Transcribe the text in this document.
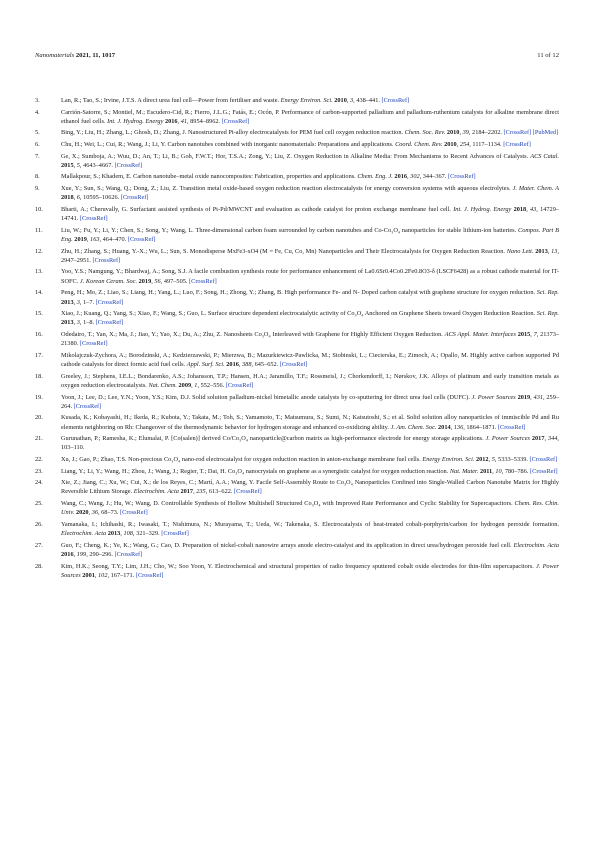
Nanomaterials 2021, 11, 1017	11 of 12
3.	Lan, R.; Tao, S.; Irvine, J.T.S. A direct urea fuel cell—Power from fertiliser and waste. Energy Environ. Sci. 2010, 3, 438–441. [CrossRef]
4.	Carrión-Satorre, S.; Montiel, M.; Escudero-Cid, R.; Fierro, J.L.G.; Fatás, E.; Ocón, P. Performance of carbon-supported palladium and palladium-ruthenium catalysts for alkaline membrane direct ethanol fuel cells. Int. J. Hydrog. Energy 2016, 41, 8954–8962. [CrossRef]
5.	Bing, Y.; Liu, H.; Zhang, L.; Ghosh, D.; Zhang, J. Nanostructured Pt-alloy electrocatalysts for PEM fuel cell oxygen reduction reaction. Chem. Soc. Rev. 2010, 39, 2184–2202. [CrossRef] [PubMed]
6.	Chu, H.; Wei, L.; Cui, R.; Wang, J.; Li, Y. Carbon nanotubes combined with inorganic nanomaterials: Preparations and applications. Coord. Chem. Rev. 2010, 254, 1117–1134. [CrossRef]
7.	Ge, X.; Sumboja, A.; Wuu, D.; An, T.; Li, B.; Goh, F.W.T.; Hor, T.S.A.; Zong, Y.; Liu, Z. Oxygen Reduction in Alkaline Media: From Mechanisms to Recent Advances of Catalysts. ACS Catal. 2015, 5, 4643–4667. [CrossRef]
8.	Mallakpour, S.; Khadem, E. Carbon nanotube–metal oxide nanocomposites: Fabrication, properties and applications. Chem. Eng. J. 2016, 302, 344–367. [CrossRef]
9.	Xue, Y.; Sun, S.; Wang, Q.; Dong, Z.; Liu, Z. Transition metal oxide-based oxygen reduction reaction electrocatalysts for energy conversion systems with aqueous electrolytes. J. Mater. Chem. A 2018, 6, 10595–10626. [CrossRef]
10.	Bharti, A.; Cheruvally, G. Surfactant assisted synthesis of Pt-Pd/MWCNT and evaluation as cathode catalyst for proton exchange membrane fuel cell. Int. J. Hydrog. Energy 2018, 43, 14729–14741. [CrossRef]
11.	Liu, W.; Fu, Y.; Li, Y.; Chen, S.; Song, Y.; Wang, L. Three-dimensional carbon foam surrounded by carbon nanotubes and Co-Co₃O₄ nanoparticles for stable lithium-ion batteries. Compos. Part B Eng. 2019, 163, 464–470. [CrossRef]
12.	Zhu, H.; Zhang, S.; Huang, Y.-X.; Wu, L.; Sun, S. Monodisperse MxFe3-xO4 (M = Fe, Cu, Co, Mn) Nanoparticles and Their Electrocatalysis for Oxygen Reduction Reaction. Nano Lett. 2013, 13, 2947–2951. [CrossRef]
13.	Yoo, Y.S.; Namgung, Y.; Bhardwaj, A.; Song, S.J. A facile combustion synthesis route for performance enhancement of La0.6Sr0.4Co0.2Fe0.8O3-δ (LSCF6428) as a robust cathode material for IT-SOFC. J. Korean Ceram. Soc. 2019, 56, 497–505. [CrossRef]
14.	Peng, H.; Mo, Z.; Liao, S.; Liang, H.; Yang, L.; Luo, F.; Song, H.; Zhong, Y.; Zhang, B. High performance Fe- and N- Doped carbon catalyst with graphene structure for oxygen reduction. Sci. Rep. 2013, 3, 1–7. [CrossRef]
15.	Xiao, J.; Kuang, Q.; Yang, S.; Xiao, F.; Wang, S.; Guo, L. Surface structure dependent electrocatalytic activity of Co₃O₄ Anchored on Graphene Sheets toward Oxygen Reduction Reaction. Sci. Rep. 2013, 3, 1–8. [CrossRef]
16.	Odedairo, T.; Yan, X.; Ma, J.; Jiao, Y.; Yao, X.; Du, A.; Zhu, Z. Nanosheets Co₃O₄ Interleaved with Graphene for Highly Efficient Oxygen Reduction. ACS Appl. Mater. Interfaces 2015, 7, 21373–21380. [CrossRef]
17.	Mikolajczuk-Zychora, A.; Borodzinski, A.; Kedzierzawski, P.; Mierzwa, B.; Mazurkiewicz-Pawlicka, M.; Stobinski, L.; Ciecierska, E.; Zimoch, A.; Opallo, M. Highly active carbon supported Pd cathode catalysts for direct formic acid fuel cells. Appl. Surf. Sci. 2016, 388, 645–652. [CrossRef]
18.	Greeley, J.; Stephens, I.E.L.; Bondarenko, A.S.; Johansson, T.P.; Hansen, H.A.; Jaramillo, T.F.; Rossmeisl, J.; Chorkendorff, I.; Nørskov, J.K. Alloys of platinum and early transition metals as oxygen reduction electrocatalysts. Nat. Chem. 2009, 1, 552–556. [CrossRef]
19.	Yoon, J.; Lee, D.; Lee, Y.N.; Yoon, Y.S.; Kim, D.J. Solid solution palladium-nickel bimetallic anode catalysts by co-sputtering for direct urea fuel cells (DUFC). J. Power Sources 2019, 431, 259–264. [CrossRef]
20.	Kusada, K.; Kobayashi, H.; Ikeda, R.; Kubota, Y.; Takata, M.; Toh, S.; Yamamoto, T.; Matsumura, S.; Sumi, N.; Katsutoshi, S.; et al. Solid solution alloy nanoparticles of immiscible Pd and Ru elements neighboring on Rh: Changeover of the thermodynamic behavior for hydrogen storage and enhanced co-oxidizing ability. J. Am. Chem. Soc. 2014, 136, 1864–1871. [CrossRef]
21.	Gurunathan, P.; Ramesha, K.; Elumalai, P. [Co(salen)] derived Co/Co₃O₄ nanoparticle@carbon matrix as high-performance electrode for energy storage applications. J. Power Sources 2017, 344, 103–110.
22.	Xu, J.; Gao, P.; Zhao, T.S. Non-precious Co₃O₄ nano-rod electrocatalyst for oxygen reduction reaction in anion-exchange membrane fuel cells. Energy Environ. Sci. 2012, 5, 5333–5339. [CrossRef]
23.	Liang, Y.; Li, Y.; Wang, H.; Zhou, J.; Wang, J.; Regier, T.; Dai, H. Co₃O₄ nanocrystals on graphene as a synergistic catalyst for oxygen reduction reaction. Nat. Mater. 2011, 10, 780–786. [CrossRef]
24.	Xie, Z.; Jiang, C.; Xu, W.; Cui, X.; de los Reyes, C.; Martí, A.A.; Wang, Y. Facile Self-Assembly Route to Co₃O₄ Nanoparticles Confined into Single-Walled Carbon Nanotube Matrix for Highly Reversible Lithium Storage. Electrochim. Acta 2017, 235, 613–622. [CrossRef]
25.	Wang, C.; Wang, J.; Hu, W.; Wang, D. Controllable Synthesis of Hollow Multishell Structured Co₃O₄ with Improved Rate Performance and Cyclic Stability for Supercapacitors. Chem. Res. Chin. Univ. 2020, 36, 68–73. [CrossRef]
26.	Yamanaka, I.; Ichihashi, R.; Iwasaki, T.; Nishimura, N.; Murayama, T.; Ueda, W.; Takenaka, S. Electrocatalysis of heat-treated cobalt-porphyrin/carbon for hydrogen peroxide formation. Electrochim. Acta 2013, 108, 321–329. [CrossRef]
27.	Guo, F.; Cheng, K.; Ye, K.; Wang, G.; Cao, D. Preparation of nickel-cobalt nanowire arrays anode electro-catalyst and its application in direct urea/hydrogen peroxide fuel cell. Electrochim. Acta 2016, 199, 290–296. [CrossRef]
28.	Kim, H.K.; Seong, T.Y.; Lim, J.H.; Cho, W.; Soo Yoon, Y. Electrochemical and structural properties of radio frequency sputtered cobalt oxide electrodes for thin-film supercapacitors. J. Power Sources 2001, 102, 167–171. [CrossRef]
